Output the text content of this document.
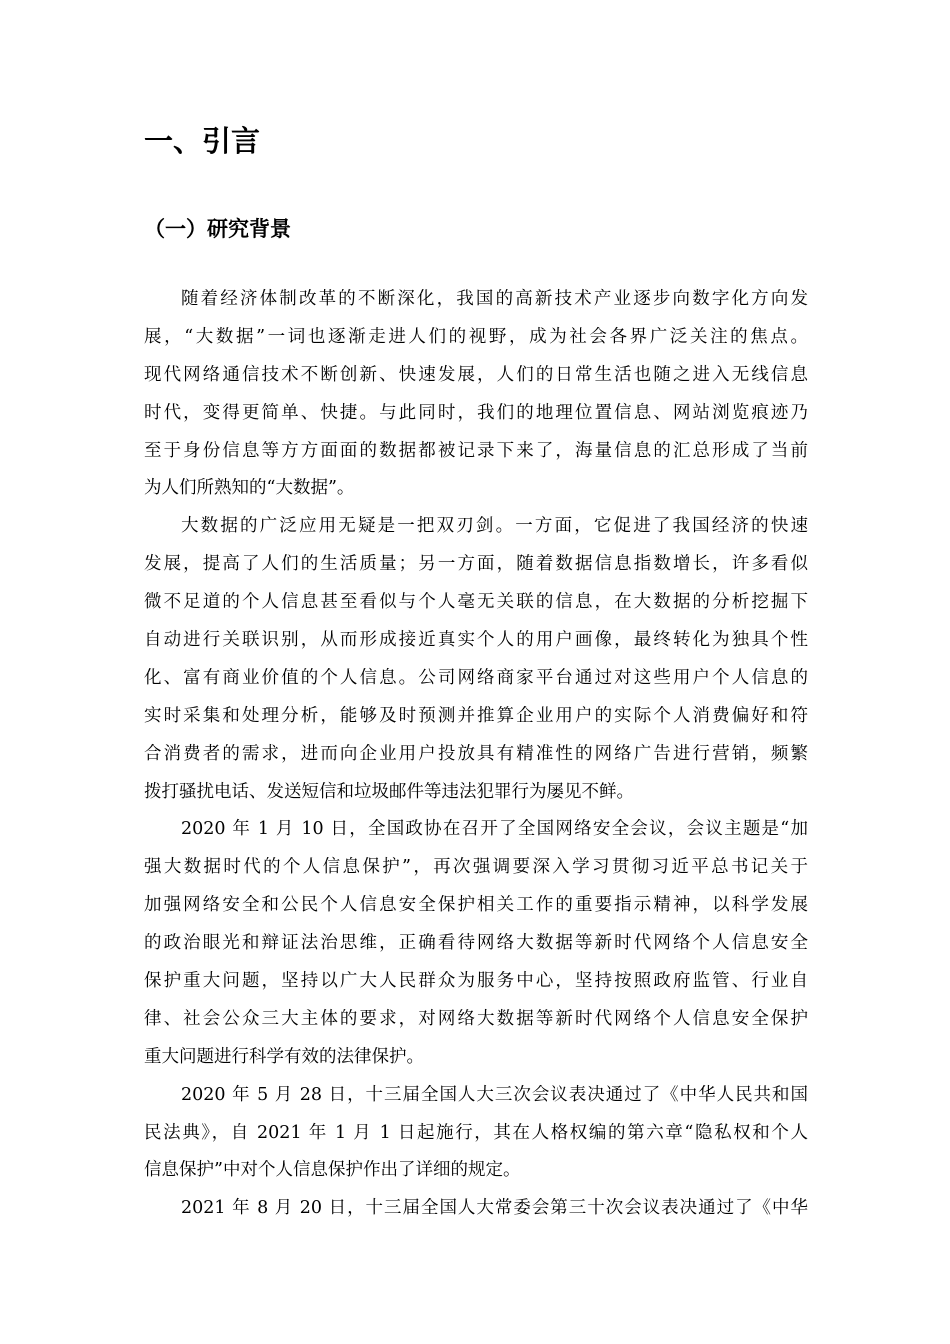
一、引言
（一）研究背景

随着经济体制改革的不断深化，我国的高新技术产业逐步向数字化方向发
展，“大数据”一词也逐渐走进人们的视野，成为社会各界广泛关注的焦点。
现代网络通信技术不断创新、快速发展，人们的日常生活也随之进入无线信息
时代，变得更简单、快捷。与此同时，我们的地理位置信息、网站浏览痕迹乃
至于身份信息等方方面面的数据都被记录下来了，海量信息的汇总形成了当前
为人们所熟知的“大数据”。

大数据的广泛应用无疑是一把双刃剑。一方面，它促进了我国经济的快速
发展，提高了人们的生活质量；另一方面，随着数据信息指数增长，许多看似
微不足道的个人信息甚至看似与个人毫无关联的信息，在大数据的分析挖掘下
自动进行关联识别，从而形成接近真实个人的用户画像，最终转化为独具个性
化、富有商业价值的个人信息。公司网络商家平台通过对这些用户个人信息的
实时采集和处理分析，能够及时预测并推算企业用户的实际个人消费偏好和符
合消费者的需求，进而向企业用户投放具有精准性的网络广告进行营销，频繁
拨打骚扰电话、发送短信和垃圾邮件等违法犯罪行为屡见不鲜。

2020 年 1 月 10 日，全国政协在召开了全国网络安全会议，会议主题是“加
强大数据时代的个人信息保护”，再次强调要深入学习贯彻习近平总书记关于
加强网络安全和公民个人信息安全保护相关工作的重要指示精神，以科学发展
的政治眼光和辩证法治思维，正确看待网络大数据等新时代网络个人信息安全
保护重大问题，坚持以广大人民群众为服务中心，坚持按照政府监管、行业自
律、社会公众三大主体的要求，对网络大数据等新时代网络个人信息安全保护
重大问题进行科学有效的法律保护。

2020 年 5 月 28 日，十三届全国人大三次会议表决通过了《中华人民共和国
民法典》，自 2021 年 1 月 1 日起施行，其在人格权编的第六章“隐私权和个人
信息保护”中对个人信息保护作出了详细的规定。

2021 年 8 月 20 日，十三届全国人大常委会第三十次会议表决通过了《中华
